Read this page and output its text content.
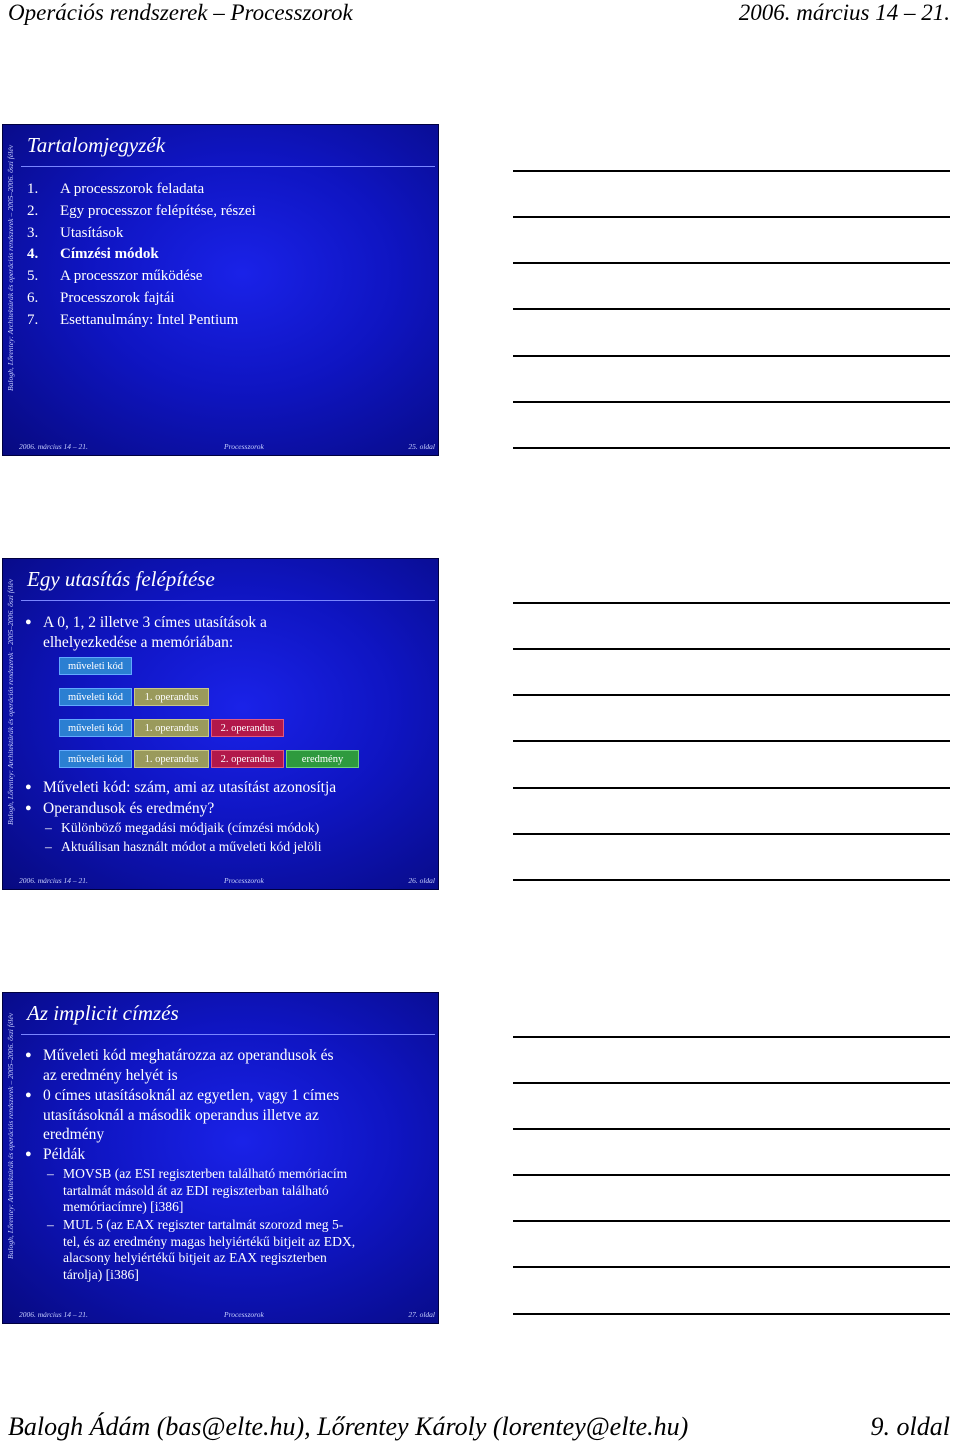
Operációs rendszerek – Processzorok	2006. március 14 – 21.
Balogh, Lőrentey: Architektúrák és operációs rendszerek – 2005–2006. őszi félév Tartalomjegyzék
1. A processzorok feladata
2. Egy processzor felépítése, részei
3. Utasítások
4. Címzési módok
5. A processzor működése
6. Processzorok fajtái
7. Esettanulmány: Intel Pentium
2006. március 14 – 21.	Processzorok	25. oldal
Balogh, Lőrentey: Architektúrák és operációs rendszerek – 2005–2006. őszi félév Egy utasítás felépítése
● A 0, 1, 2 illetve 3 címes utasítások a
elhelyezkedése a memóriában:
műveleti kód
műveleti kód	1. operandus
műveleti kód	1. operandus	2. operandus
műveleti kód	1. operandus	2. operandus	eredmény
● Műveleti kód: szám, ami az utasítást azonosítja
● Operandusok és eredmény?
– Különböző megadási módjaik (címzési módok)
– Aktuálisan használt módot a műveleti kód jelöli
2006. március 14 – 21.	Processzorok	26. oldal
Balogh, Lőrentey: Architektúrák és operációs rendszerek – 2005–2006. őszi félév Az implicit címzés
● Műveleti kód meghatározza az operandusok és
az eredmény helyét is
● 0 címes utasításoknál az egyetlen, vagy 1 címes
utasításoknál a második operandus illetve az
eredmény
● Példák
– MOVSB (az ESI regiszterben található memóriacím
tartalmát másold át az EDI regiszterban található
memóriacímre) [i386]
– MUL 5 (az EAX regiszter tartalmát szorozd meg 5-
tel, és az eredmény magas helyiértékű bitjeit az EDX,
alacsony helyiértékű bitjeit az EAX regiszterben
tárolja) [i386]
2006. március 14 – 21.	Processzorok	27. oldal
Balogh Ádám (bas@elte.hu), Lőrentey Károly (lorentey@elte.hu)	9. oldal
